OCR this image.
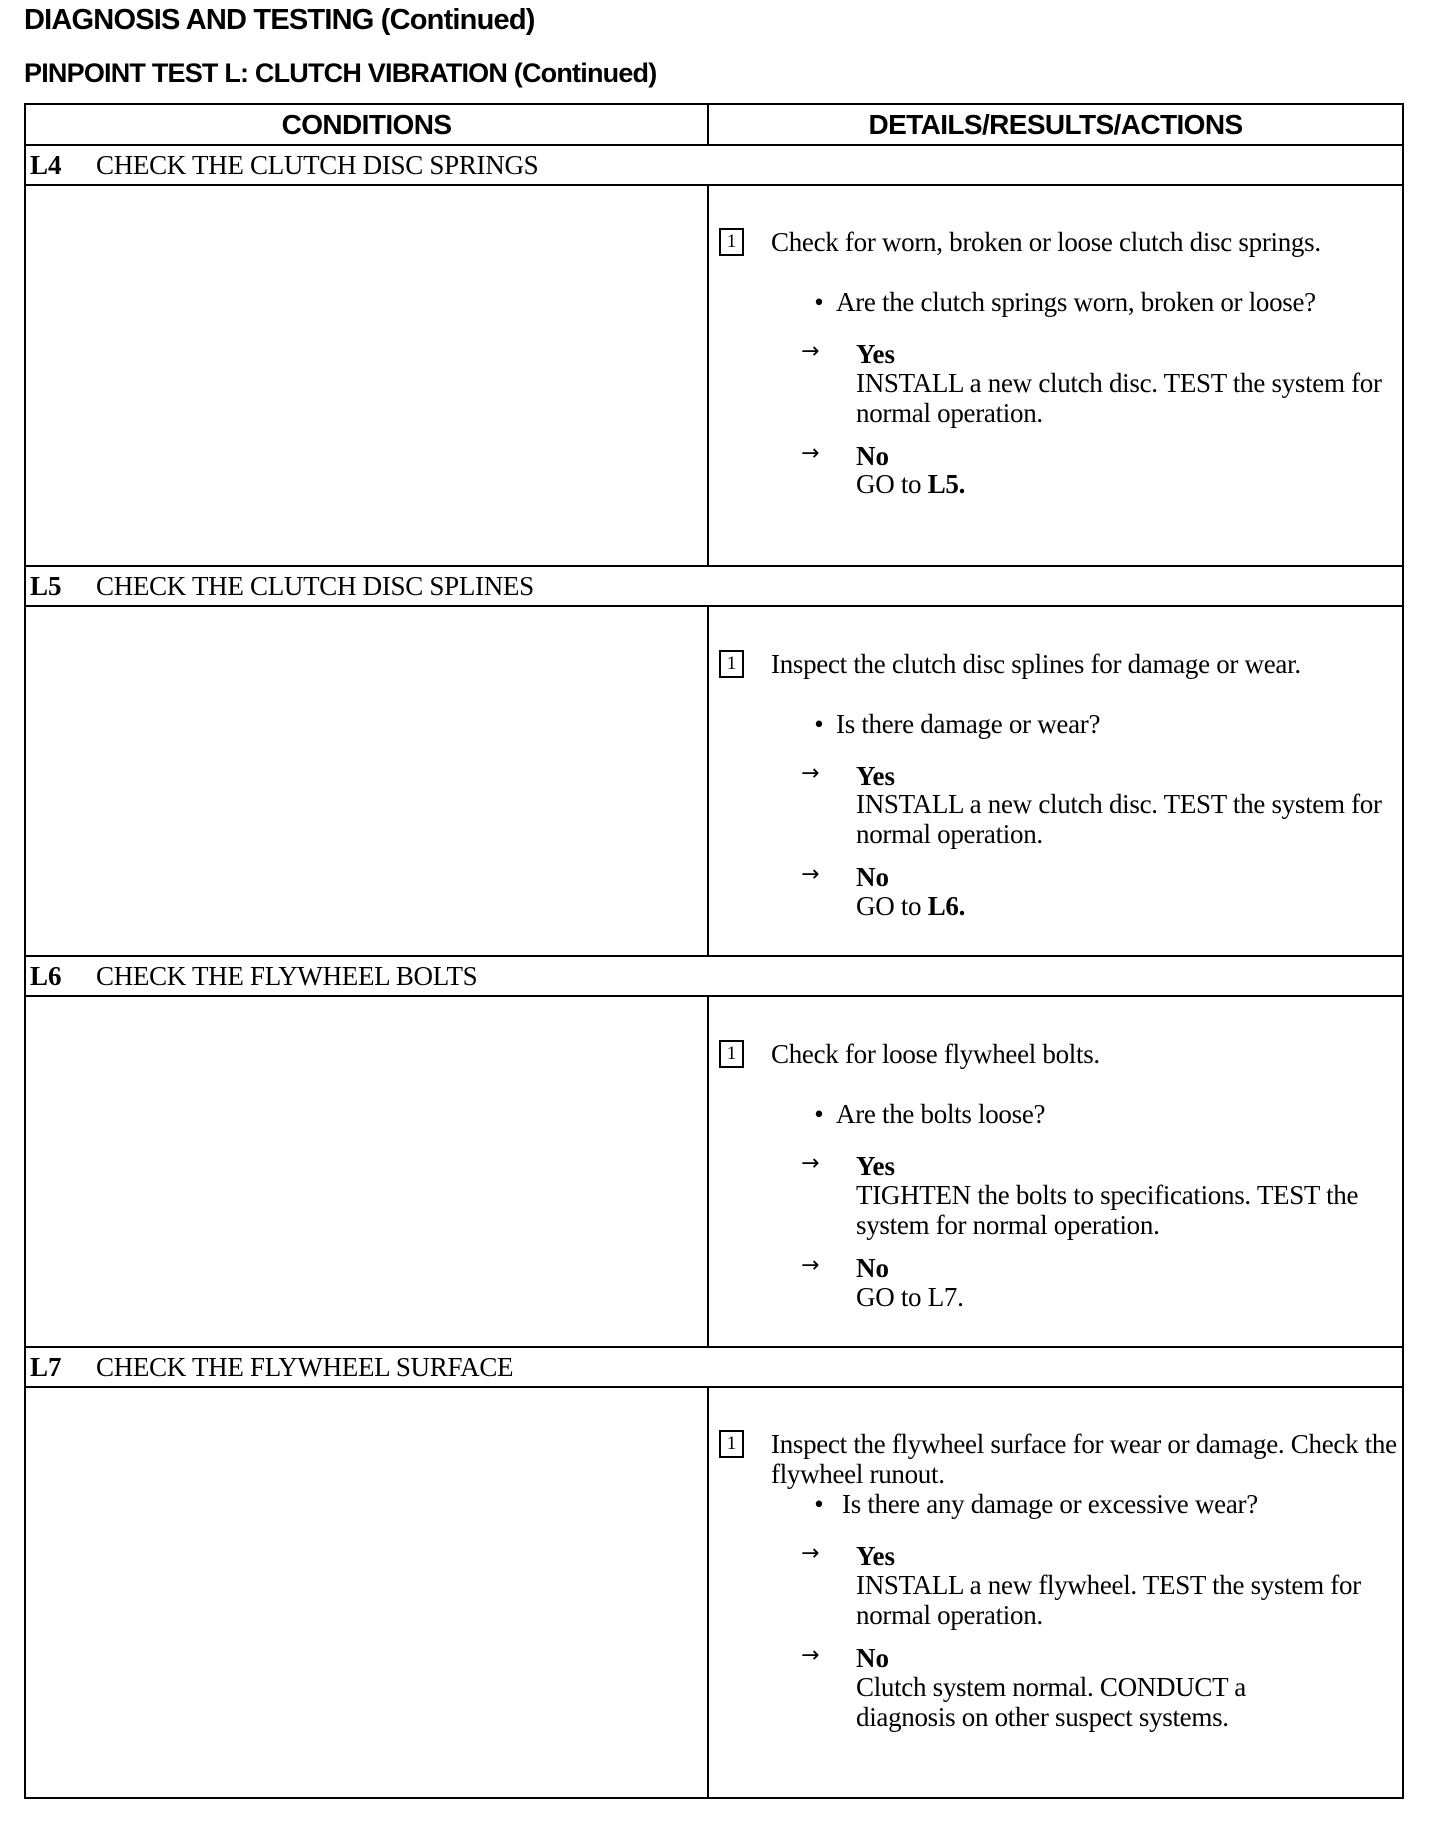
DIAGNOSIS AND TESTING (Continued)
PINPOINT TEST L: CLUTCH VIBRATION (Continued)
CONDITIONS	DETAILS/RESULTS/ACTIONS
L4 CHECK THE CLUTCH DISC SPRINGS
1 Check for worn, broken or loose clutch disc springs.
• Are the clutch springs worn, broken or loose?
→	Yes
INSTALL a new clutch disc. TEST the system for normal operation.
→	No
GO to L5.
L5 CHECK THE CLUTCH DISC SPLINES
1 Inspect the clutch disc splines for damage or wear.
• Is there damage or wear?
→	Yes
INSTALL a new clutch disc. TEST the system for normal operation.
→	No
GO to L6.
L6 CHECK THE FLYWHEEL BOLTS
1 Check for loose flywheel bolts.
• Are the bolts loose?
→	Yes
TIGHTEN the bolts to specifications. TEST the system for normal operation.
→	No
GO to L7.
L7 CHECK THE FLYWHEEL SURFACE
1 Inspect the flywheel surface for wear or damage. Check the flywheel runout.
• Is there any damage or excessive wear?
→	Yes
INSTALL a new flywheel. TEST the system for normal operation.
→	No
Clutch system normal. CONDUCT a diagnosis on other suspect systems.
